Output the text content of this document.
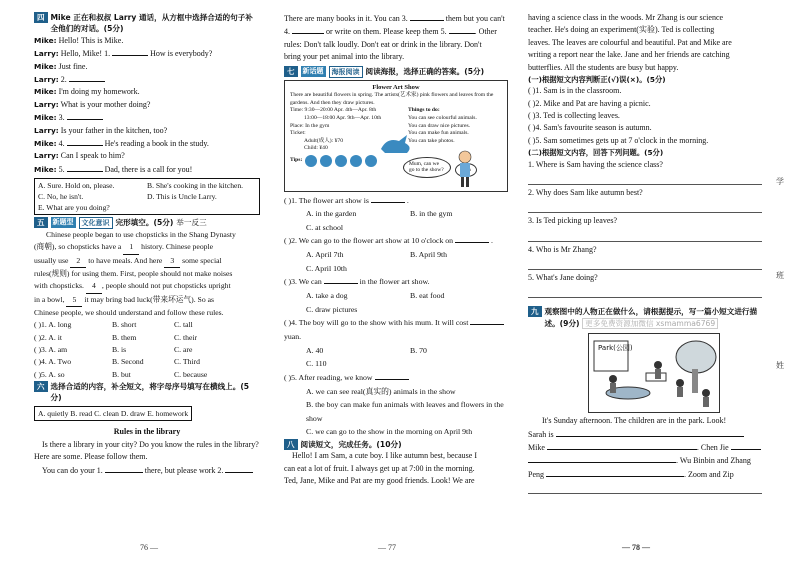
四 Mike 正在和叔叔 Larry 通话，从方框中选择合适的句子补全他们的对话。(5分)
Mike: Hello! This is Mike.
Larry: Hello, Mike! 1.	How is everybody?
Mike: Just fine.
Larry: 2.
Mike: I'm doing my homework.
Larry: What is your mother doing?
Mike: 3.
Larry: Is your father in the kitchen, too?
Mike: 4.	He's reading a book in the study.
Larry: Can I speak to him?
Mike: 5.	Dad, there is a call for you!
A. Sure. Hold on, please.	B. She's cooking in the kitchen.
C. No, he isn't.	D. This is Uncle Larry.
E. What are you doing?
五	新题型	文化意识 完形填空。(5分) 举一反三
Chinese people began to use chopsticks in the Shang Dynasty
(商朝), so chopsticks have a 1 history. Chinese people
usually use 2 to have meals. And here 3 some special
rules(规则) for using them. First, people should not make noises
with chopsticks. 4 , people should not put chopsticks upright
in a bowl, 5 it may bring bad luck(带来坏运气). So as
Chinese people, we should understand and follow these rules.
( )1. A. long	B. short	C. tall
( )2. A. it	B. them	C. their
( )3. A. am	B. is	C. are
( )4. A. Two	B. Second	C. Third
( )5. A. so	B. but	C. because
六 选择合适的内容，补全短文，将字母序号填写在横线上。(5分)
A. quietly B. read C. clean D. draw E. homework
Rules in the library
Is there a library in your city? Do you know the rules in the library? Here are some. Please follow them.
You can do your 1.	there, but please work 2.
There are many books in it. You can 3.	them but you can't
4.	or write on them. Please keep them 5.	. Other
rules: Don't talk loudly. Don't eat or drink in the library. Don't
bring your pet animal into the library.
七	新话题	海报阅读 阅读海报，选择正确的答案。(5分)
Flower Art Show
There are beautiful flowers in spring. The artists(艺术家) pink flowers and leaves from the gardens. And then they draw pictures.
Time: 9:30—20:00 Apr. 4th—Apr. 8th
13:00—18:00 Apr. 9th—Apr. 10th
Place: In the gym
Ticket:
Adult(成人): ¥70
Child: ¥40
Tips:
Things to do:
You can see colourful animals.
You can draw nice pictures.
You can make fun animals.
You can take photos.
Mum, can we go to the show?
( )1. The flower art show is	.
A. in the garden	B. in the gym
C. at school
( )2. We can go to the flower art show at 10 o'clock on	.
A. April 7th	B. April 9th
C. April 10th
( )3. We can	in the flower art show.
A. take a dog	B. eat food
C. draw pictures
( )4. The boy will go to the show with his mum. It will cost  yuan.
A. 40	B. 70
C. 110
( )5. After reading, we know
A. we can see real(真实的) animals in the show
B. the boy can make fun animals with leaves and flowers in the show
C. we can go to the show in the morning on April 9th
八 阅读短文，完成任务。(10分)
Hello! I am Sam, a cute boy. I like autumn best, because I
can eat a lot of fruit. I always get up at 7:00 in the morning.
Ted, Jane, Mike and Pat are my good friends. Look! We are
having a science class in the woods. Mr Zhang is our science
teacher. He's doing an experiment(实验). Ted is collecting
leaves. The leaves are colourful and beautiful. Pat and Mike are
writing a report near the lake. Jane and her friends are catching
butterflies. All the students are busy but happy.
(一)根据短文内容判断正(√)误(×)。(5分)
( )1. Sam is in the classroom.
( )2. Mike and Pat are having a picnic.
( )3. Ted is collecting leaves.
( )4. Sam's favourite season is autumn.
( )5. Sam sometimes gets up at 7 o'clock in the morning.
(二)根据短文内容，回答下列问题。(5分)
1. Where is Sam having the science class?
2. Why does Sam like autumn best?
3. Is Ted picking up leaves?
4. Who is Mr Zhang?
5. What's Jane doing?
九 观察图中的人物正在做什么，请根据提示，写一篇小短文进行描述。(9分) 更多免费资源加微信 xsmamma6769
Park(公园)
It's Sunday afternoon. The children are in the park. Look!
Sarah is
Mike	. Chen Jie
. Wu Binbin and Zhang
Peng	. Zoom and Zip
学
班
姓
76 —	— 77	— 78 —
